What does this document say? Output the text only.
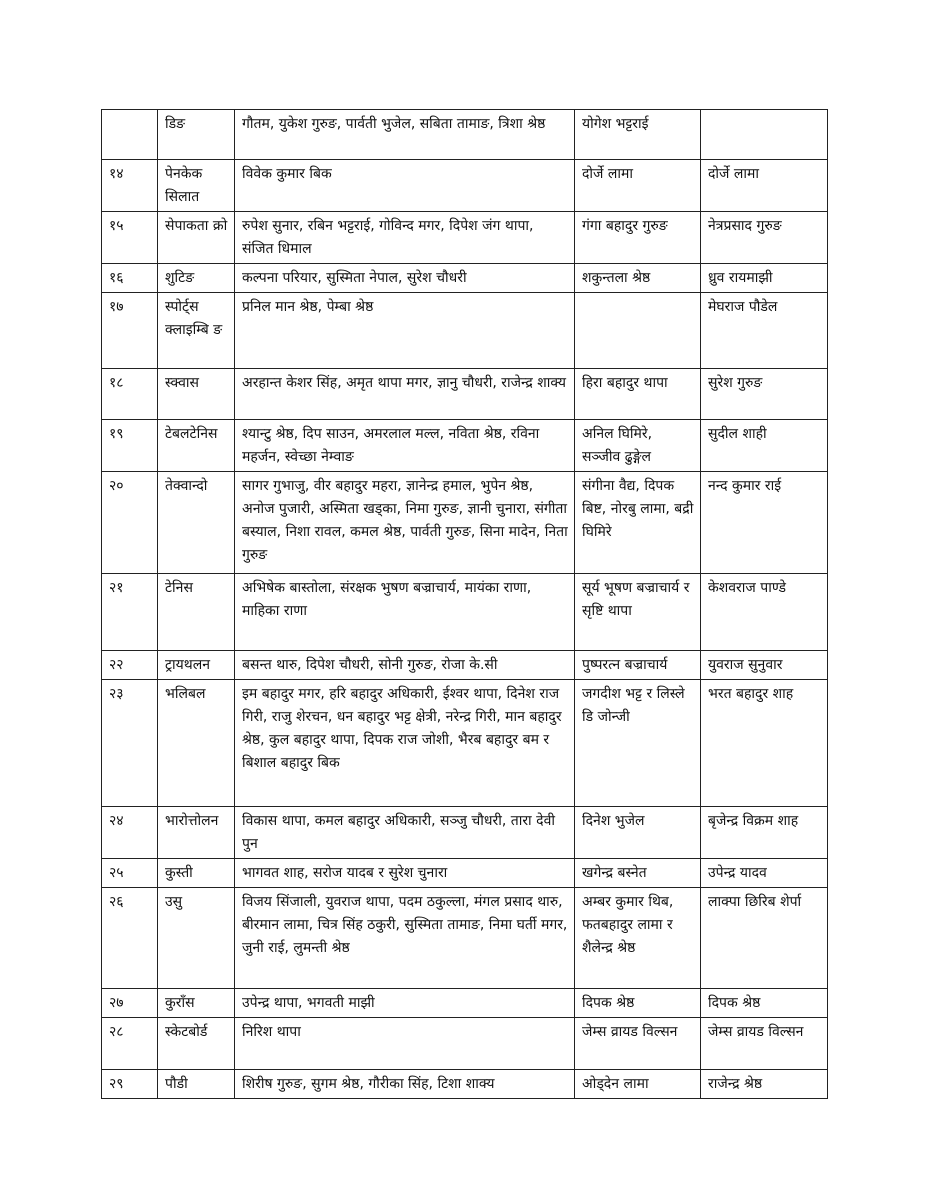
	डिङ	गौतम, युकेश गुरुङ, पार्वती भुजेल, सबिता तामाङ, त्रिशा श्रेष्ठ	योगेश भट्टराई	
१४	पेनकेक सिलात	विवेक कुमार बिक	दोर्जे लामा	दोर्जे लामा
१५	सेपाकता क्रो	रुपेश सुनार, रबिन भट्टराई, गोविन्द मगर, दिपेश जंग थापा, संजित धिमाल	गंगा बहादुर गुरुङ	नेत्रप्रसाद गुरुङ
१६	शुटिङ	कल्पना परियार, सुस्मिता नेपाल, सुरेश चौधरी	शकुन्तला श्रेष्ठ	ध्रुव रायमाझी
१७	स्पोर्ट्स क्लाइम्बि ङ	प्रनिल मान श्रेष्ठ, पेम्बा श्रेष्ठ		मेघराज पौडेल
१८	स्क्वास	अरहान्त केशर सिंह, अमृत थापा मगर, ज्ञानु चौधरी, राजेन्द्र शाक्य	हिरा बहादुर थापा	सुरेश गुरुङ
१९	टेबलटेनिस	श्यान्टु श्रेष्ठ, दिप साउन, अमरलाल मल्ल, नविता श्रेष्ठ, रविना महर्जन, स्वेच्छा नेम्वाङ	अनिल घिमिरे, सञ्जीव ढुङ्गेल	सुदील शाही
२०	तेक्वान्दो	सागर गुभाजु, वीर बहादुर महरा, ज्ञानेन्द्र हमाल, भुपेन श्रेष्ठ, अनोज पुजारी, अस्मिता खड्का, निमा गुरुङ, ज्ञानी चुनारा, संगीता बस्याल, निशा रावल, कमल श्रेष्ठ, पार्वती गुरुङ, सिना मादेन, निता गुरुङ	संगीना वैद्य, दिपक बिष्ट, नोरबु लामा, बद्री घिमिरे	नन्द कुमार राई
२१	टेनिस	अभिषेक बास्तोला, संरक्षक भुषण बज्राचार्य, मायंका राणा, माहिका राणा	सूर्य भूषण बज्राचार्य र सृष्टि थापा	केशवराज पाण्डे
२२	ट्रायथलन	बसन्त थारु, दिपेश चौधरी, सोनी गुरुङ, रोजा के.सी	पुष्परत्न बज्राचार्य	युवराज सुनुवार
२३	भलिबल	इम बहादुर मगर, हरि बहादुर अधिकारी, ईश्वर थापा, दिनेश राज गिरी, राजु शेरचन, धन बहादुर भट्ट क्षेत्री, नरेन्द्र गिरी, मान बहादुर श्रेष्ठ, कुल बहादुर थापा, दिपक राज जोशी, भैरब बहादुर बम र बिशाल बहादुर बिक	जगदीश भट्ट र लिस्ले डि जोन्जी	भरत बहादुर शाह
२४	भारोत्तोलन	विकास थापा, कमल बहादुर अधिकारी, सञ्जु चौधरी, तारा देवी पुन	दिनेश भुजेल	बृजेन्द्र विक्रम शाह
२५	कुस्ती	भागवत शाह, सरोज यादब र सुरेश चुनारा	खगेन्द्र बस्नेत	उपेन्द्र यादव
२६	उसु	विजय सिंजाली, युवराज थापा, पदम ठकुल्ला, मंगल प्रसाद थारु, बीरमान लामा, चित्र सिंह ठकुरी, सुस्मिता तामाङ, निमा घर्ती मगर, जुनी राई, लुमन्ती श्रेष्ठ	अम्बर कुमार थिब, फतबहादुर लामा र शैलेन्द्र श्रेष्ठ	लाक्पा छिरिब शेर्पा
२७	कुराँस	उपेन्द्र थापा, भगवती माझी	दिपक श्रेष्ठ	दिपक श्रेष्ठ
२८	स्केटबोर्ड	निरिश थापा	जेम्स व्रायड विल्सन	जेम्स व्रायड विल्सन
२९	पौडी	शिरीष गुरुङ, सुगम श्रेष्ठ, गौरीका सिंह, टिशा शाक्य	ओड्देन लामा	राजेन्द्र श्रेष्ठ
